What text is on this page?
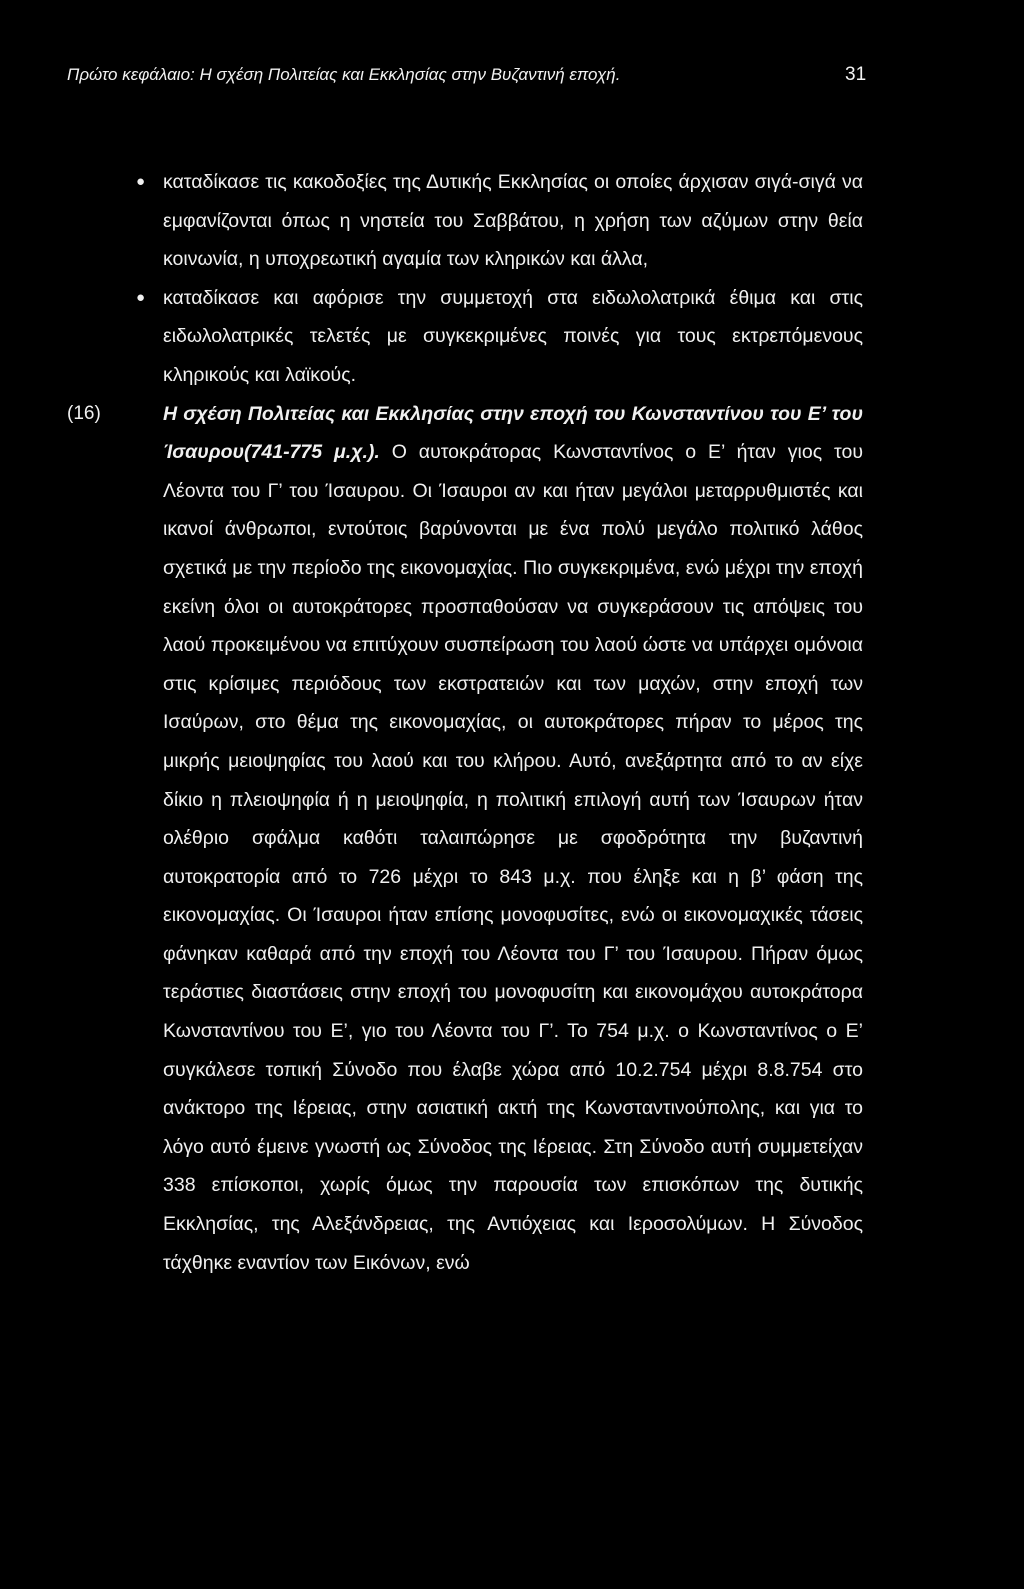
Πρώτο κεφάλαιο: Η σχέση Πολιτείας και Εκκλησίας στην Βυζαντινή εποχή.	31
● καταδίκασε τις κακοδοξίες της Δυτικής Εκκλησίας οι οποίες άρχισαν σιγά-σιγά να εμφανίζονται όπως η νηστεία του Σαββάτου, η χρήση των αζύμων στην θεία κοινωνία, η υποχρεωτική αγαμία των κληρικών και άλλα,
● καταδίκασε και αφόρισε την συμμετοχή στα ειδωλολατρικά έθιμα και στις ειδωλολατρικές τελετές με συγκεκριμένες ποινές για τους εκτρεπόμενους κληρικούς και λαϊκούς.
(16)	Η σχέση Πολιτείας και Εκκλησίας στην εποχή του Κωνσταντίνου του Ε’ του Ίσαυρου(741-775 μ.χ.). Ο αυτοκράτορας Κωνσταντίνος ο Ε’ ήταν γιος του Λέοντα του Γ’ του Ίσαυρου. Οι Ίσαυροι αν και ήταν μεγάλοι μεταρρυθμιστές και ικανοί άνθρωποι, εντούτοις βαρύνονται με ένα πολύ μεγάλο πολιτικό λάθος σχετικά με την περίοδο της εικονομαχίας. Πιο συγκεκριμένα, ενώ μέχρι την εποχή εκείνη όλοι οι αυτοκράτορες προσπαθούσαν να συγκεράσουν τις απόψεις του λαού προκειμένου να επιτύχουν συσπείρωση του λαού ώστε να υπάρχει ομόνοια στις κρίσιμες περιόδους των εκστρατειών και των μαχών, στην εποχή των Ισαύρων, στο θέμα της εικονομαχίας, οι αυτοκράτορες πήραν το μέρος της μικρής μειοψηφίας του λαού και του κλήρου. Αυτό, ανεξάρτητα από το αν είχε δίκιο η πλειοψηφία ή η μειοψηφία, η πολιτική επιλογή αυτή των Ίσαυρων ήταν ολέθριο σφάλμα καθότι ταλαιπώρησε με σφοδρότητα την βυζαντινή αυτοκρατορία από το 726 μέχρι το 843 μ.χ. που έληξε και η β’ φάση της εικονομαχίας. Οι Ίσαυροι ήταν επίσης μονοφυσίτες, ενώ οι εικονομαχικές τάσεις φάνηκαν καθαρά από την εποχή του Λέοντα του Γ’ του Ίσαυρου. Πήραν όμως τεράστιες διαστάσεις στην εποχή του μονοφυσίτη και εικονομάχου αυτοκράτορα Κωνσταντίνου του Ε’, γιο του Λέοντα του Γ’. Το 754 μ.χ. ο Κωνσταντίνος ο Ε’ συγκάλεσε τοπική Σύνοδο που έλαβε χώρα από 10.2.754 μέχρι 8.8.754 στο ανάκτορο της Ιέρειας, στην ασιατική ακτή της Κωνσταντινούπολης, και για το λόγο αυτό έμεινε γνωστή ως Σύνοδος της Ιέρειας. Στη Σύνοδο αυτή συμμετείχαν 338 επίσκοποι, χωρίς όμως την παρουσία των επισκόπων της δυτικής Εκκλησίας, της Αλεξάνδρειας, της Αντιόχειας και Ιεροσολύμων. Η Σύνοδος τάχθηκε εναντίον των Εικόνων, ενώ
